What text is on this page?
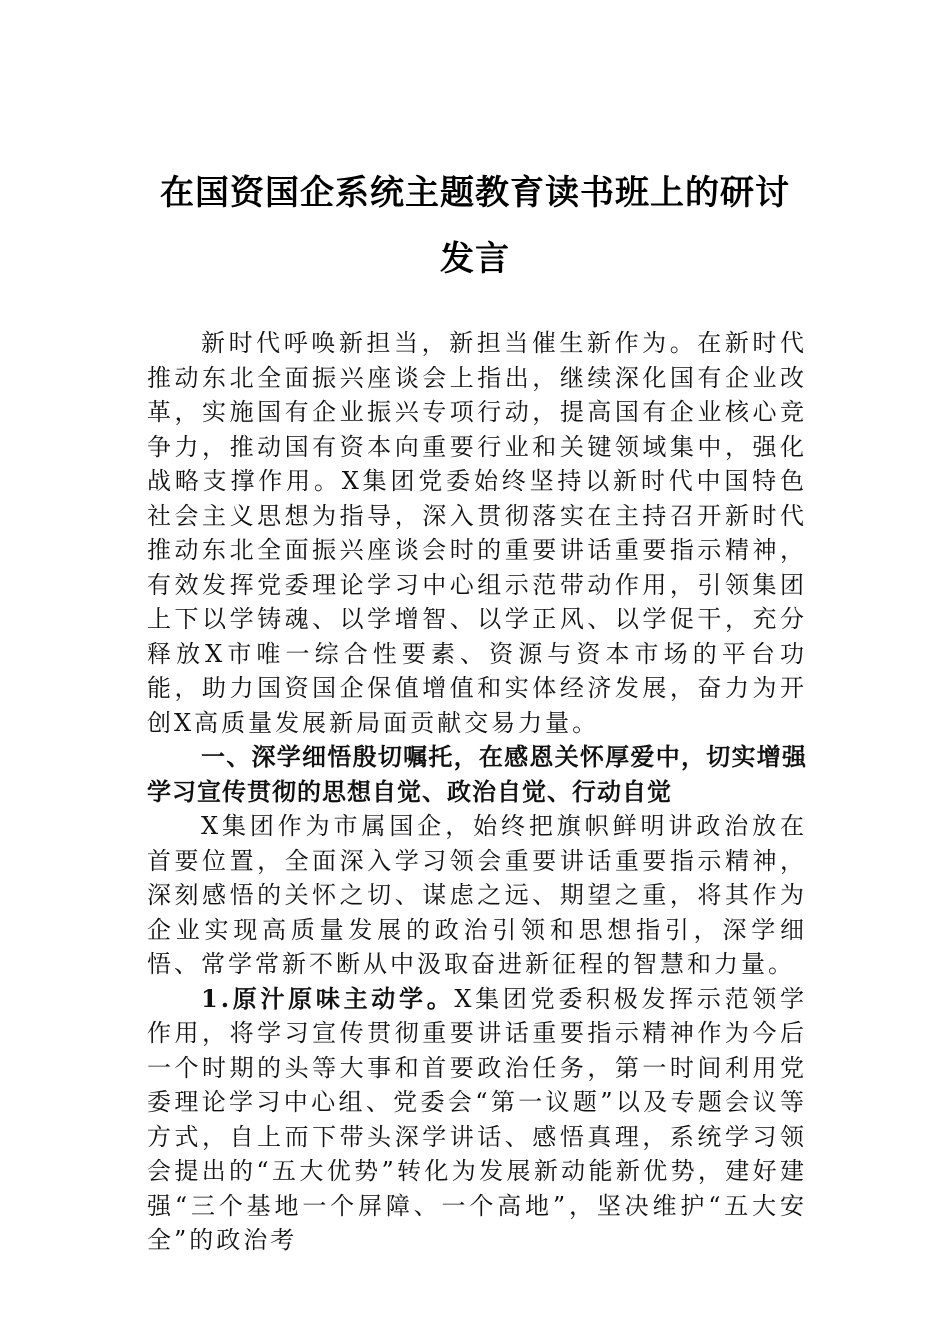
在国资国企系统主题教育读书班上的研讨
发言

新时代呼唤新担当，新担当催生新作为。在新时代推动东北全面振兴座谈会上指出，继续深化国有企业改革，实施国有企业振兴专项行动，提高国有企业核心竞争力，推动国有资本向重要行业和关键领域集中，强化战略支撑作用。X集团党委始终坚持以新时代中国特色社会主义思想为指导，深入贯彻落实在主持召开新时代推动东北全面振兴座谈会时的重要讲话重要指示精神，有效发挥党委理论学习中心组示范带动作用，引领集团上下以学铸魂、以学增智、以学正风、以学促干，充分释放X市唯一综合性要素、资源与资本市场的平台功能，助力国资国企保值增值和实体经济发展，奋力为开创X高质量发展新局面贡献交易力量。

一、深学细悟殷切嘱托，在感恩关怀厚爱中，切实增强学习宣传贯彻的思想自觉、政治自觉、行动自觉

X集团作为市属国企，始终把旗帜鲜明讲政治放在首要位置，全面深入学习领会重要讲话重要指示精神，深刻感悟的关怀之切、谋虑之远、期望之重，将其作为企业实现高质量发展的政治引领和思想指引，深学细悟、常学常新不断从中汲取奋进新征程的智慧和力量。

1.原汁原味主动学。X集团党委积极发挥示范领学作用，将学习宣传贯彻重要讲话重要指示精神作为今后一个时期的头等大事和首要政治任务，第一时间利用党委理论学习中心组、党委会“第一议题”以及专题会议等方式，自上而下带头深学讲话、感悟真理，系统学习领会提出的“五大优势”转化为发展新动能新优势，建好建强“三个基地一个屏障、一个高地”，坚决维护“五大安全”的政治考
